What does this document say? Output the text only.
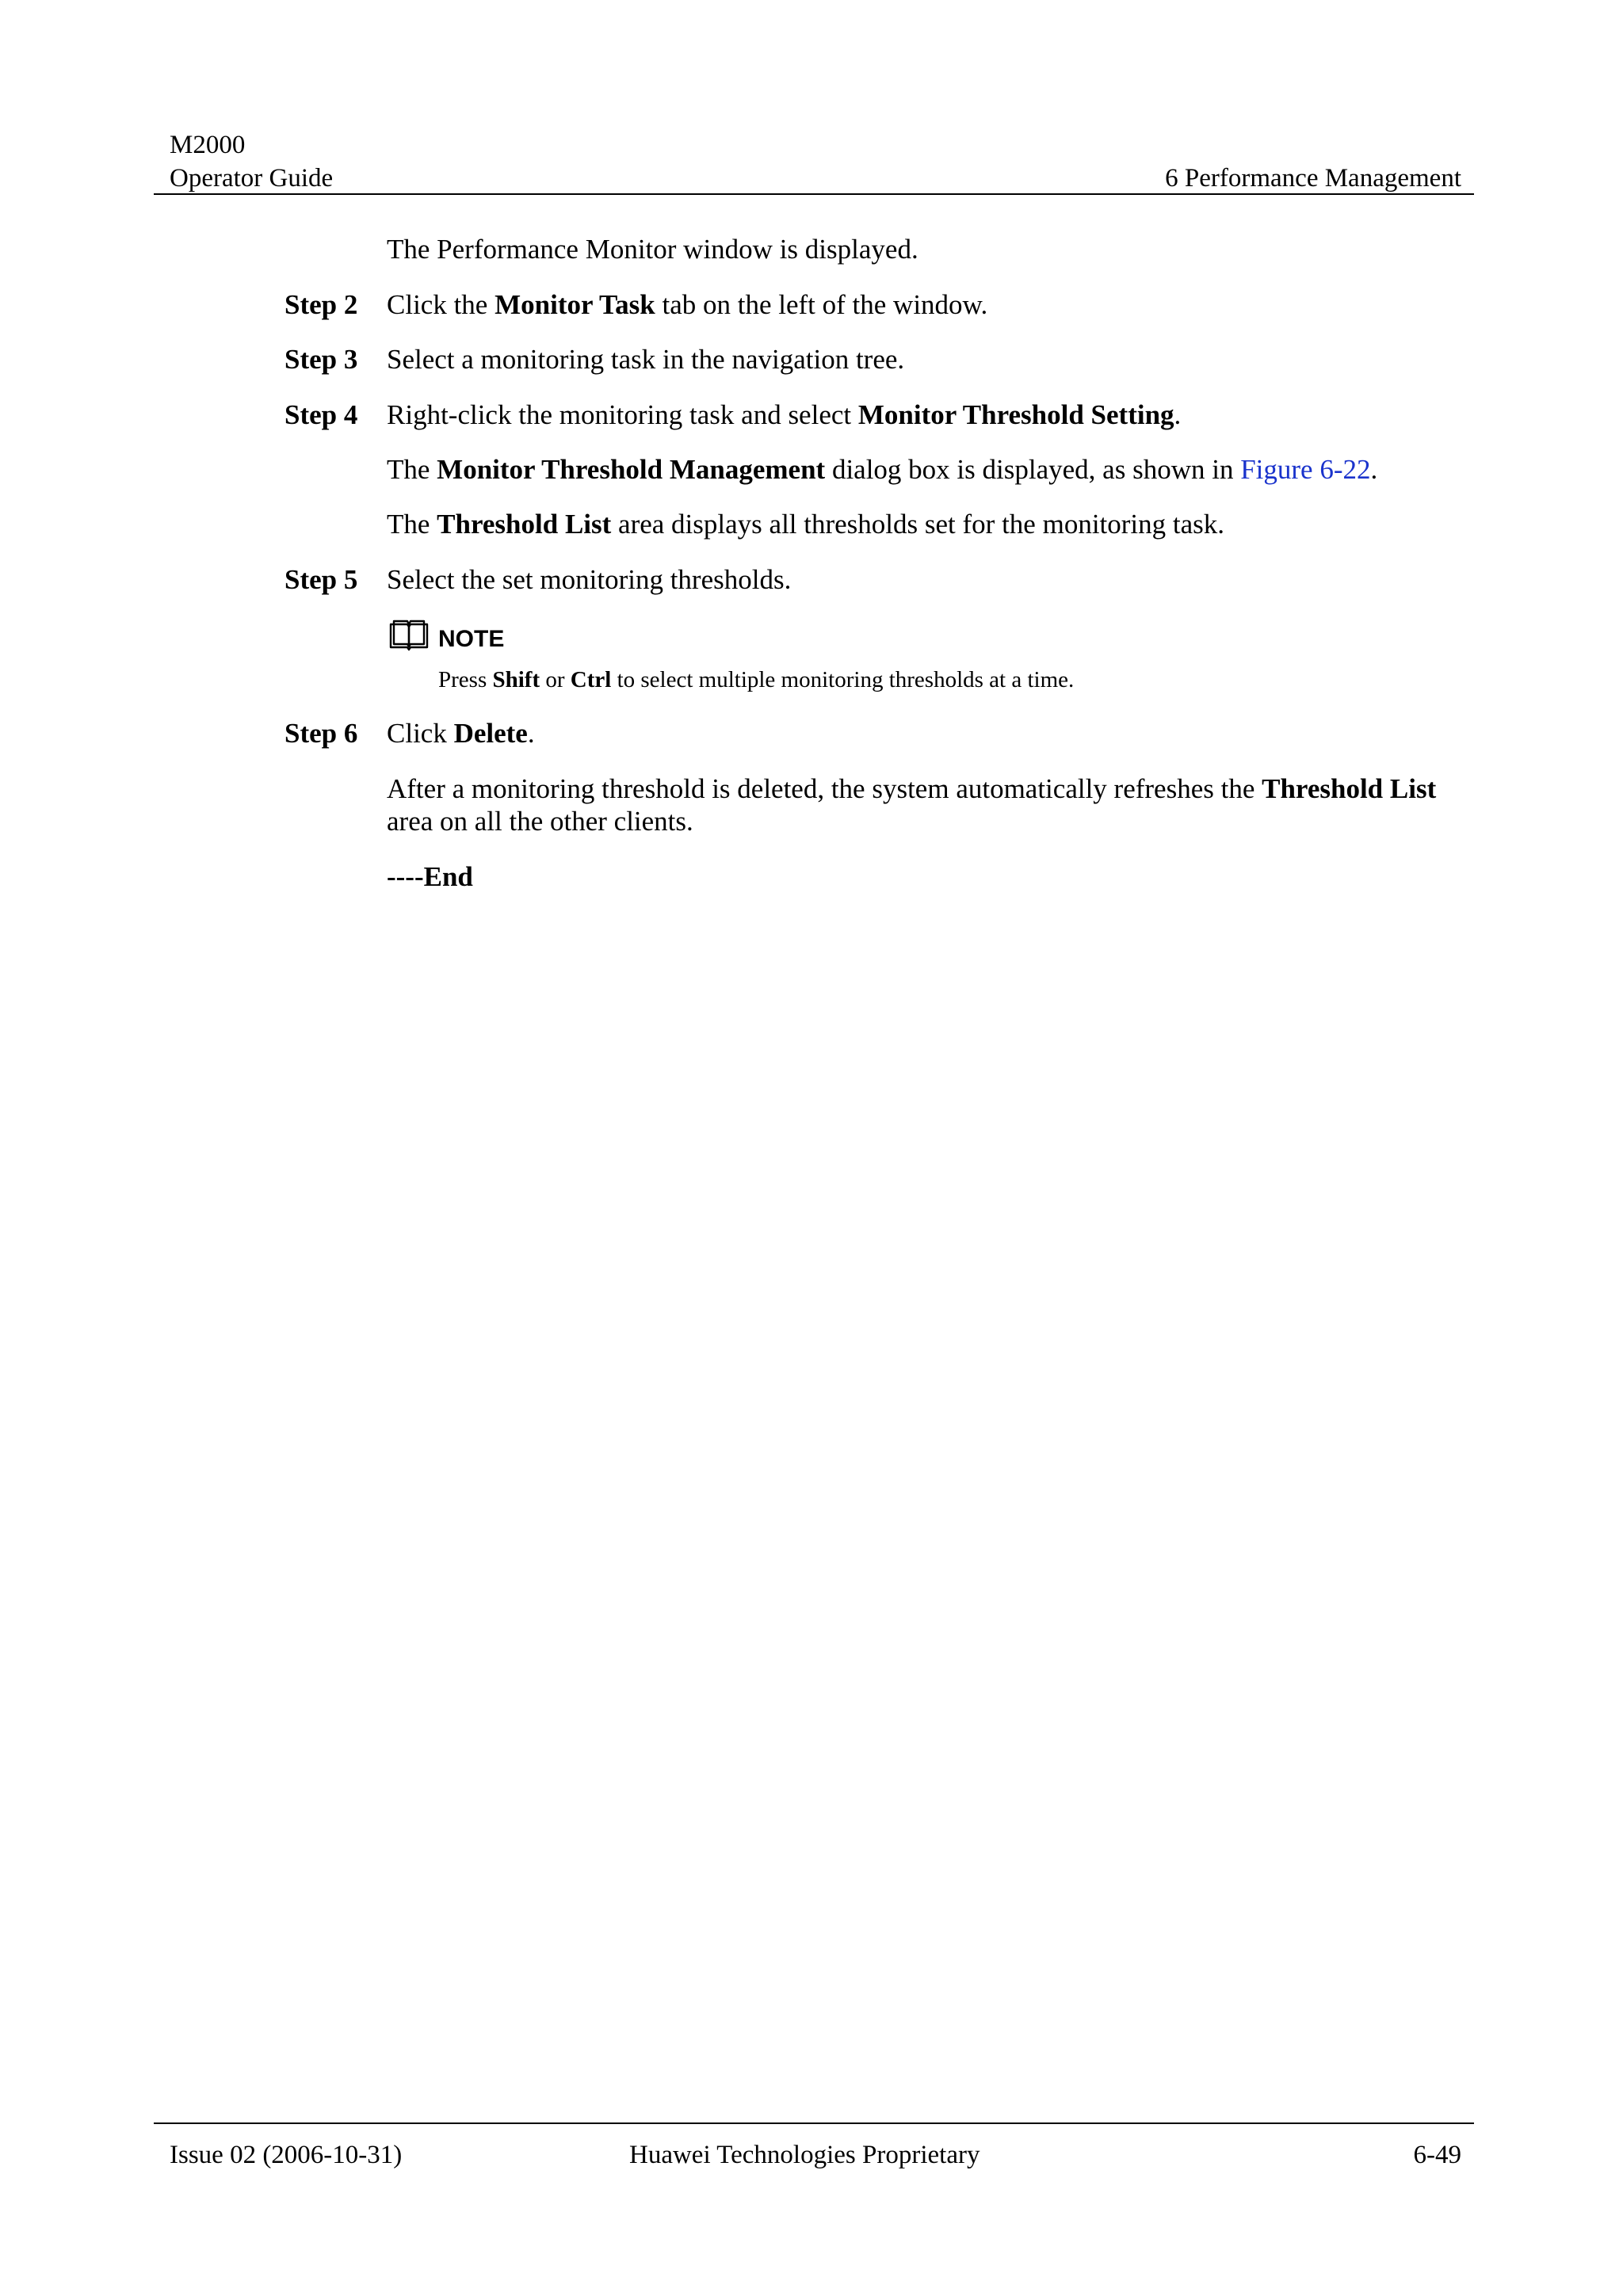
M2000
Operator Guide	6 Performance Management
The Performance Monitor window is displayed.
Step 2 Click the Monitor Task tab on the left of the window.
Step 3 Select a monitoring task in the navigation tree.
Step 4 Right-click the monitoring task and select Monitor Threshold Setting.
The Monitor Threshold Management dialog box is displayed, as shown in Figure 6-22.
The Threshold List area displays all thresholds set for the monitoring task.
Step 5 Select the set monitoring thresholds.
NOTE
Press Shift or Ctrl to select multiple monitoring thresholds at a time.
Step 6 Click Delete.
After a monitoring threshold is deleted, the system automatically refreshes the Threshold List area on all the other clients.
----End
Issue 02 (2006-10-31)	Huawei Technologies Proprietary	6-49
